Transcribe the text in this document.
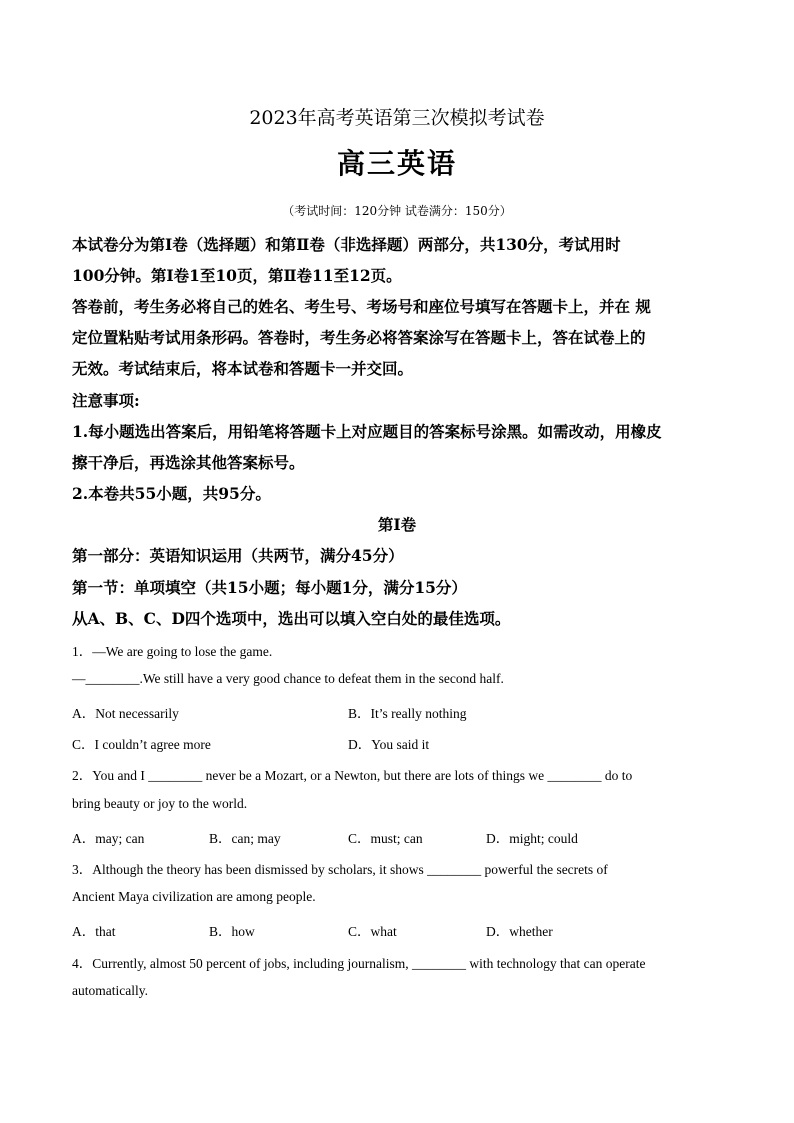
2023年高考英语第三次模拟考试卷
高三英语
（考试时间：120分钟 试卷满分：150分）
本试卷分为第Ⅰ卷（选择题）和第Ⅱ卷（非选择题）两部分，共130分，考试用时
100分钟。第Ⅰ卷1至10页，第Ⅱ卷11至12页。
答卷前，考生务必将自己的姓名、考生号、考场号和座位号填写在答题卡上，并在 规
定位置粘贴考试用条形码。答卷时，考生务必将答案涂写在答题卡上，答在试卷上的
无效。考试结束后，将本试卷和答题卡一并交回。
注意事项:
1.每小题选出答案后，用铅笔将答题卡上对应题目的答案标号涂黑。如需改动，用橡皮
擦干净后，再选涂其他答案标号。
2.本卷共55小题，共95分。
第Ⅰ卷
第一部分：英语知识运用（共两节，满分45分）
第一节：单项填空（共15小题；每小题1分，满分15分）
从A、B、C、D四个选项中，选出可以填入空白处的最佳选项。
1．—We are going to lose the game.
—________.We still have a very good chance to defeat them in the second half.
A．Not necessarily	B．It’s really nothing
C．I couldn’t agree more	D．You said it
2．You and I ________ never be a Mozart, or a Newton, but there are lots of things we ________ do to
bring beauty or joy to the world.
A．may; can	B．can; may	C．must; can	D．might; could
3．Although the theory has been dismissed by scholars, it shows ________ powerful the secrets of
Ancient Maya civilization are among people.
A．that	B．how	C．what	D．whether
4．Currently, almost 50 percent of jobs, including journalism, ________ with technology that can operate
automatically.
